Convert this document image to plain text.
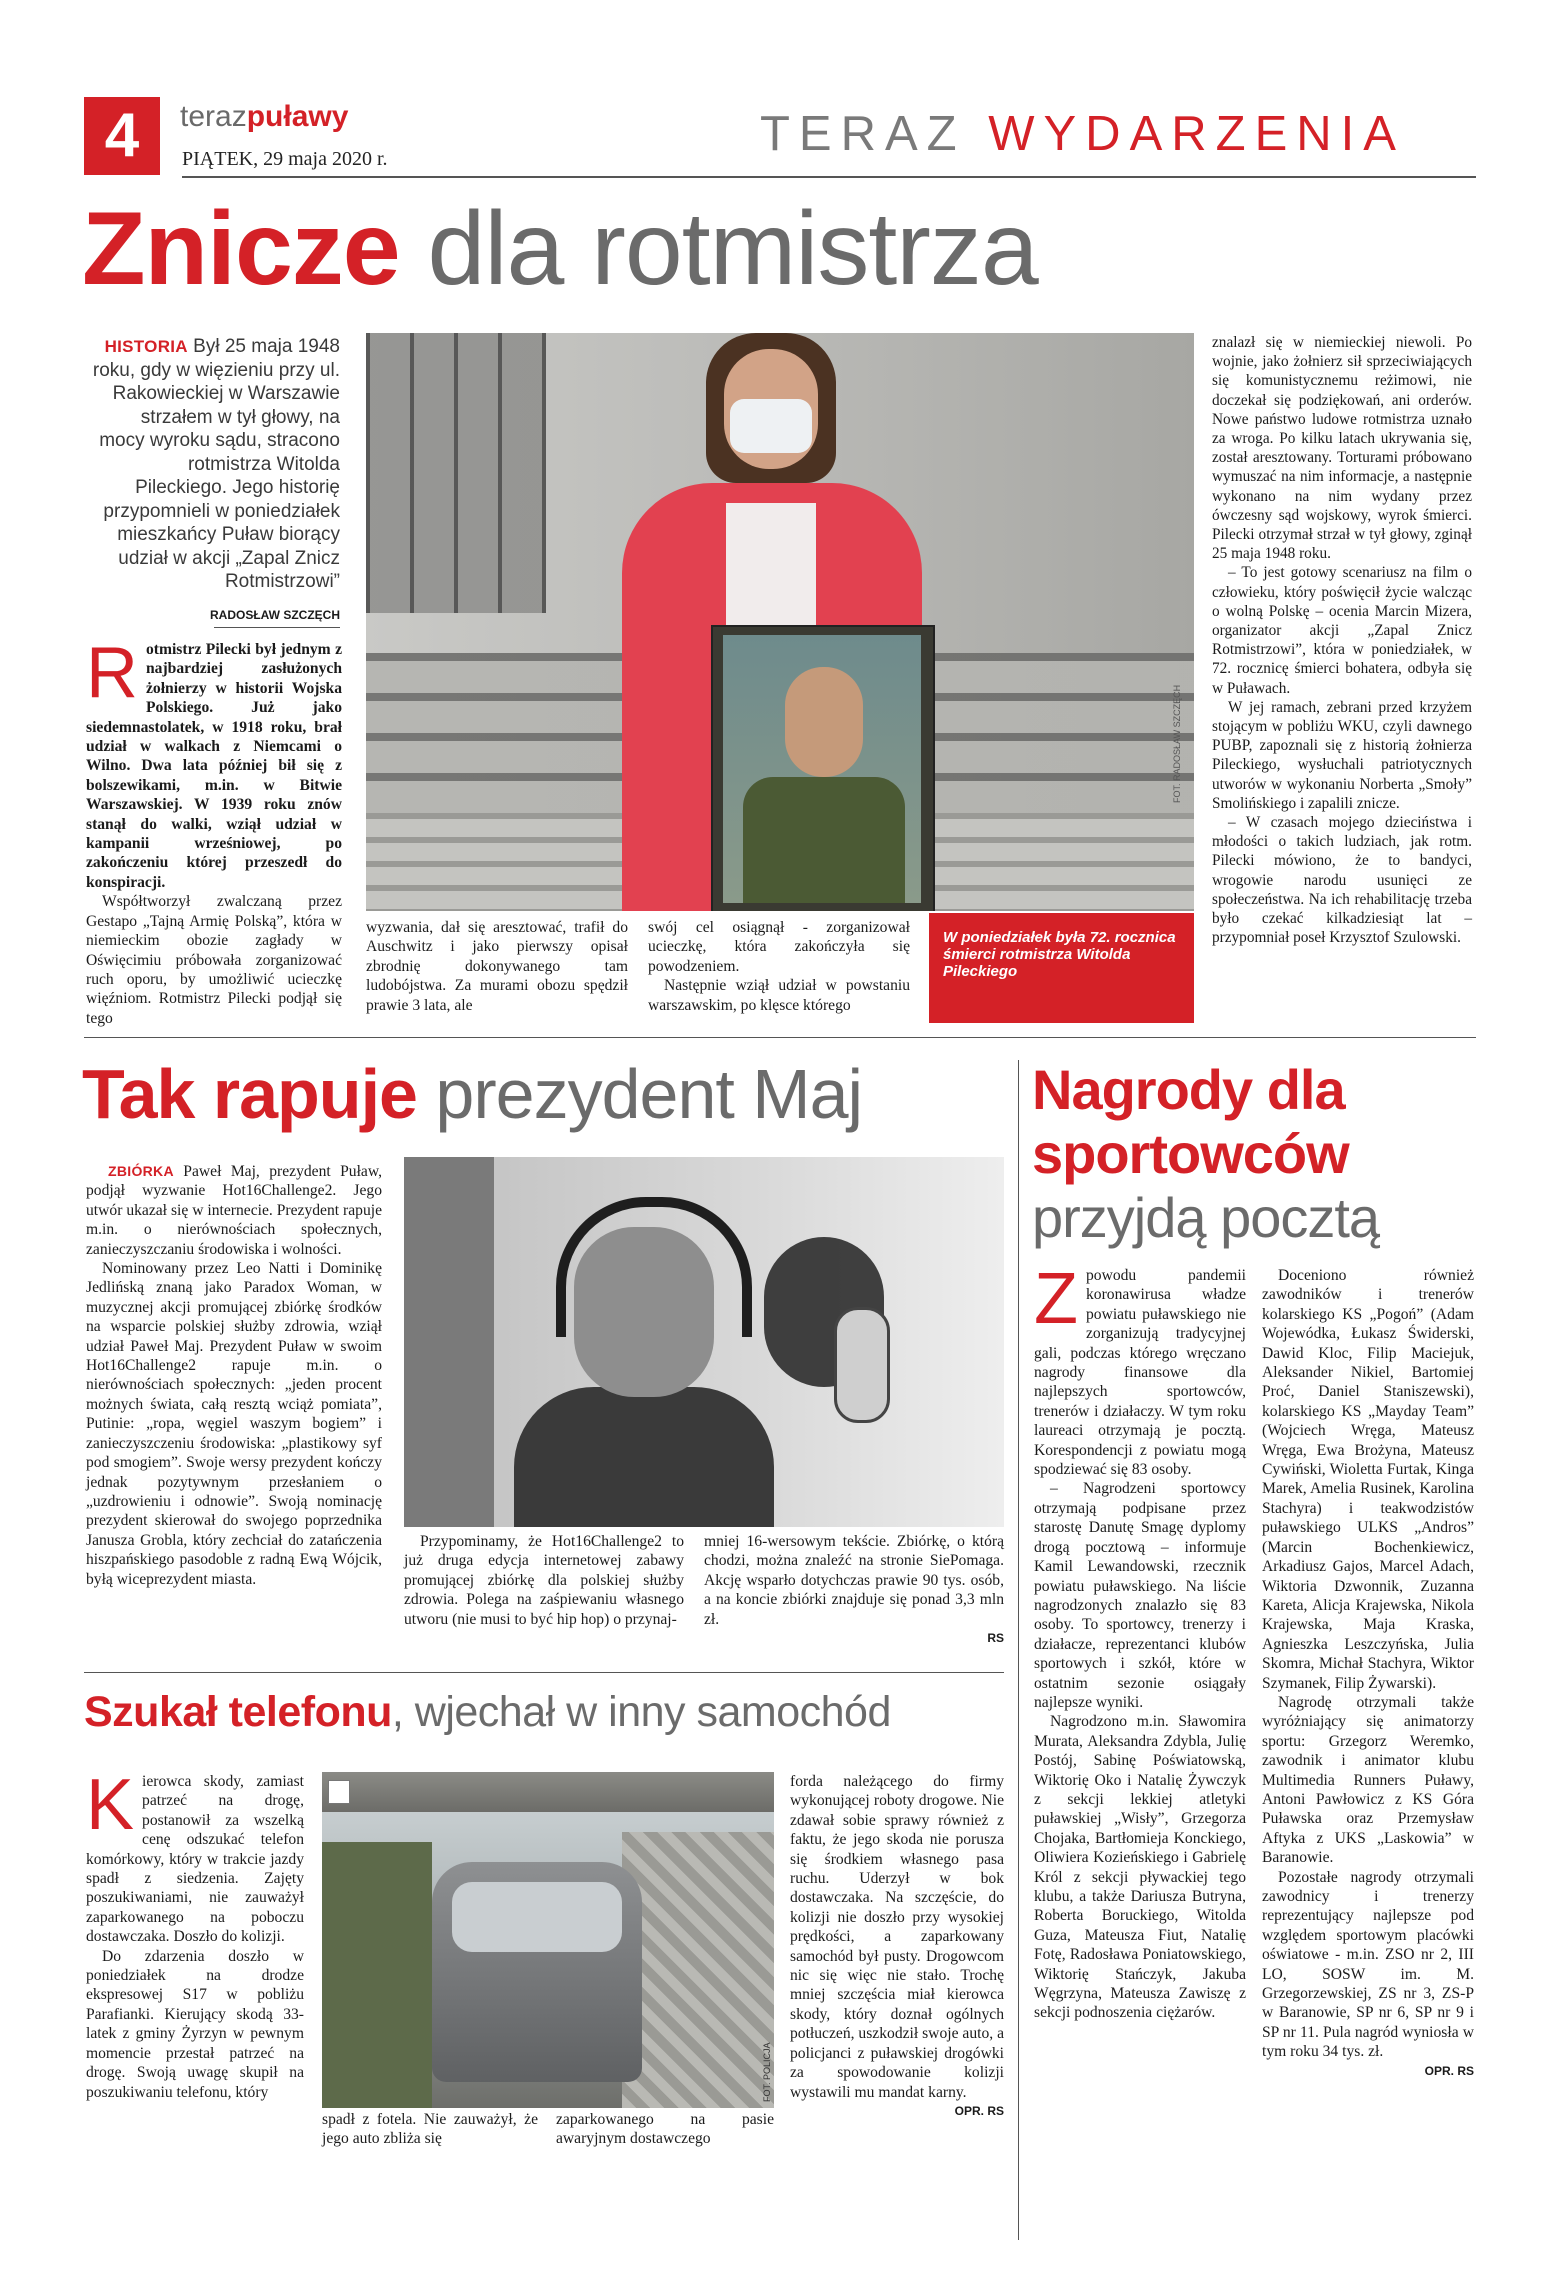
4	terazpuławy
PIĄTEK, 29 maja 2020 r.	TERAZ WYDARZENIA
Znicze dla rotmistrza
HISTORIA Był 25 maja 1948 roku, gdy w więzieniu przy ul. Rakowieckiej w Warszawie strzałem w tył głowy, na mocy wyroku sądu, stracono rotmistrza Witolda Pileckiego. Jego historię przypomnieli w poniedziałek mieszkańcy Puław biorący udział w akcji „Zapal Znicz Rotmistrzowi”
RADOSŁAW SZCZĘCH

Rotmistrz Pilecki był jednym z najbardziej zasłużonych żołnierzy w historii Wojska Polskiego. Już jako siedemnastolatek, w 1918 roku, brał udział w walkach z Niemcami o Wilno. Dwa lata później bił się z bolszewikami, m.in. w Bitwie Warszawskiej. W 1939 roku znów stanął do walki, wziął udział w kampanii wrześniowej, po zakończeniu której przeszedł do konspiracji.

Współtworzył zwalczaną przez Gestapo „Tajną Armię Polską”, która w niemieckim obozie zagłady w Oświęcimiu próbowała zorganizować ruch oporu, by umożliwić ucieczkę więźniom. Rotmistrz Pilecki podjął się tego

FOT. RADOSŁAW SZCZĘCH
W poniedziałek była 72. rocznica śmierci rotmistrza Witolda Pileckiego

wyzwania, dał się aresztować, trafił do Auschwitz i jako pierwszy opisał zbrodnię dokonywanego tam ludobójstwa. Za murami obozu spędził prawie 3 lata, ale

swój cel osiągnął - zorganizował ucieczkę, która zakończyła się powodzeniem.

Następnie wziął udział w powstaniu warszawskim, po klęsce którego

znalazł się w niemieckiej niewoli. Po wojnie, jako żołnierz sił sprzeciwiających się komunistycznemu reżimowi, nie doczekał się podziękowań, ani orderów. Nowe państwo ludowe rotmistrza uznało za wroga. Po kilku latach ukrywania się, został aresztowany. Torturami próbowano wymuszać na nim informacje, a następnie wykonano na nim wydany przez ówczesny sąd wojskowy, wyrok śmierci. Pilecki otrzymał strzał w tył głowy, zginął 25 maja 1948 roku.

– To jest gotowy scenariusz na film o człowieku, który poświęcił życie walcząc o wolną Polskę – ocenia Marcin Mizera, organizator akcji „Zapal Znicz Rotmistrzowi”, która w poniedziałek, w 72. rocznicę śmierci bohatera, odbyła się w Puławach.

W jej ramach, zebrani przed krzyżem stojącym w pobliżu WKU, czyli dawnego PUBP, zapoznali się z historią żołnierza Pileckiego, wysłuchali patriotycznych utworów w wykonaniu Norberta „Smoły” Smolińskiego i zapalili znicze.

– W czasach mojego dzieciństwa i młodości o takich ludziach, jak rotm. Pilecki mówiono, że to bandyci, wrogowie narodu usunięci ze społeczeństwa. Na ich rehabilitację trzeba było czekać kilkadziesiąt lat – przypomniał poseł Krzysztof Szulowski.

Tak rapuje prezydent Maj

ZBIÓRKA Paweł Maj, prezydent Puław, podjął wyzwanie Hot16Challenge2. Jego utwór ukazał się w internecie. Prezydent rapuje m.in. o nierównościach społecznych, zanieczyszczaniu środowiska i wolności.

Nominowany przez Leo Natti i Dominikę Jedlińską znaną jako Paradox Woman, w muzycznej akcji promującej zbiórkę środków na wsparcie polskiej służby zdrowia, wziął udział Paweł Maj. Prezydent Puław w swoim Hot16Challenge2 rapuje m.in. o nierównościach społecznych: „jeden procent możnych świata, całą resztą wciąż pomiata”, Putinie: „ropa, węgiel waszym bogiem” i zanieczyszczeniu środowiska: „plastikowy syf pod smogiem”. Swoje wersy prezydent kończy jednak pozytywnym przesłaniem o „uzdrowieniu i odnowie”. Swoją nominację prezydent skierował do swojego poprzednika Janusza Grobla, który zechciał do zatańczenia hiszpańskiego pasodoble z radną Ewą Wójcik, byłą wiceprezydent miasta.

Przypominamy, że Hot16Challenge2 to już druga edycja internetowej zabawy promującej zbiórkę dla polskiej służby zdrowia. Polega na zaśpiewaniu własnego utworu (nie musi to być hip hop) o przynaj-

mniej 16-wersowym tekście. Zbiórkę, o którą chodzi, można znaleźć na stronie SiePomaga. Akcję wsparło dotychczas prawie 90 tys. osób, a na koncie zbiórki znajduje się ponad 3,3 mln zł.

RS

Szukał telefonu, wjechał w inny samochód

Kierowca skody, zamiast patrzeć na drogę, postanowił za wszelką cenę odszukać telefon komórkowy, który w trakcie jazdy spadł z siedzenia. Zajęty poszukiwaniami, nie zauważył zaparkowanego na poboczu dostawczaka. Doszło do kolizji.

Do zdarzenia doszło w poniedziałek na drodze ekspresowej S17 w pobliżu Parafianki. Kierujący skodą 33-latek z gminy Żyrzyn w pewnym momencie przestał patrzeć na drogę. Swoją uwagę skupił na poszukiwaniu telefonu, który	FOT. POLICJA

spadł z fotela. Nie zauważył, że jego auto zbliża się

zaparkowanego na pasie awaryjnym dostawczego

forda należącego do firmy wykonującej roboty drogowe. Nie zdawał sobie sprawy również z faktu, że jego skoda nie porusza się środkiem własnego pasa ruchu. Uderzył w bok dostawczaka. Na szczęście, do kolizji nie doszło przy wysokiej prędkości, a zaparkowany samochód był pusty. Drogowcom nic się więc nie stało. Trochę mniej szczęścia miał kierowca skody, który doznał ogólnych potłuczeń, uszkodził swoje auto, a policjanci z puławskiej drogówki za spowodowanie kolizji wystawili mu mandat karny.

OPR. RS

Nagrody dla
sportowców
przyjdą pocztą

Zpowodu pandemii koronawirusa władze powiatu puławskiego nie zorganizują tradycyjnej gali, podczas którego wręczano nagrody finansowe dla najlepszych sportowców, trenerów i działaczy. W tym roku laureaci otrzymają je pocztą. Korespondencji z powiatu mogą spodziewać się 83 osoby.

– Nagrodzeni sportowcy otrzymają podpisane przez starostę Danutę Smagę dyplomy drogą pocztową – informuje Kamil Lewandowski, rzecznik powiatu puławskiego. Na liście nagrodzonych znalazło się 83 osoby. To sportowcy, trenerzy i działacze, reprezentanci klubów sportowych i szkół, które w ostatnim sezonie osiągały najlepsze wyniki.

Nagrodzono m.in. Sławomira Murata, Aleksandra Zdybla, Julię Postój, Sabinę Poświatowską, Wiktorię Oko i Natalię Żywczyk z sekcji lekkiej atletyki puławskiej „Wisły”, Grzegorza Chojaka, Bartłomieja Konckiego, Oliwiera Kozieńskiego i Gabrielę Król z sekcji pływackiej tego klubu, a także Dariusza Butryna, Roberta Boruckiego, Witolda Guza, Mateusza Fiut, Natalię Fotę, Radosława Poniatowskiego, Wiktorię Stańczyk, Jakuba Węgrzyna, Mateusza Zawiszę z sekcji podnoszenia ciężarów.

Doceniono również zawodników i trenerów kolarskiego KS „Pogoń” (Adam Wojewódka, Łukasz Świderski, Dawid Kloc, Filip Maciejuk, Aleksander Nikiel, Bartomiej Proć, Daniel Staniszewski), kolarskiego KS „Mayday Team” (Wojciech Wręga, Mateusz Wręga, Ewa Brożyna, Mateusz Cywiński, Wioletta Furtak, Kinga Marek, Amelia Rusinek, Karolina Stachyra) i teakwodzistów puławskiego ULKS „Andros” (Marcin Bochenkiewicz, Arkadiusz Gajos, Marcel Adach, Wiktoria Dzwonnik, Zuzanna Kareta, Alicja Krajewska, Nikola Krajewska, Maja Kraska, Agnieszka Leszczyńska, Julia Skomra, Michał Stachyra, Wiktor Szymanek, Filip Żywarski).

Nagrodę otrzymali także wyróżniający się animatorzy sportu: Grzegorz Weremko, zawodnik i animator klubu Multimedia Runners Puławy, Antoni Pawłowicz z KS Góra Puławska oraz Przemysław Aftyka z UKS „Laskowia” w Baranowie.

Pozostałe nagrody otrzymali zawodnicy i trenerzy reprezentujący najlepsze pod względem sportowym placówki oświatowe - m.in. ZSO nr 2, III LO, SOSW im. M. Grzegorzewskiej, ZS nr 3, ZS-P w Baranowie, SP nr 6, SP nr 9 i SP nr 11. Pula nagród wyniosła w tym roku 34 tys. zł.

OPR. RS
